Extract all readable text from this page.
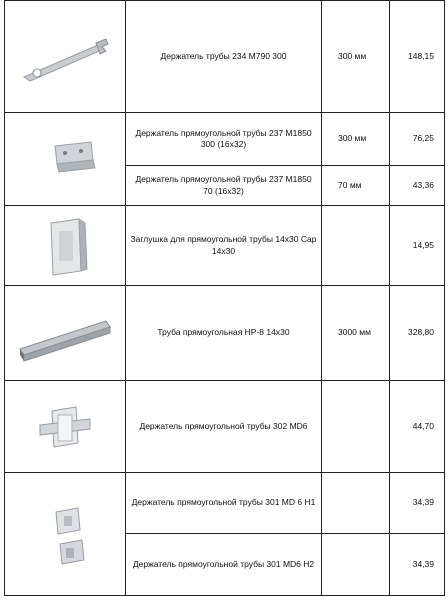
	Держатель трубы 234 M790 300	300 мм	148,15

	Держатель прямоугольной трубы 237 M1850 300 (16x32)	300 мм	76,25
	Держатель прямоугольной трубы 237 M1850 70 (16x32)	70 мм	43,36

	Заглушка для прямоугольной трубы 14x30 Cap 14x30		14,95

	Труба прямоугольная HP-8 14x30	3000 мм	328,80

	Держатель прямоугольной трубы 302 MD6		44,70

	Держатель прямоугольной трубы 301 MD 6 H1		34,39
	Держатель прямоугольной трубы 301 MD6 H2		34,39
